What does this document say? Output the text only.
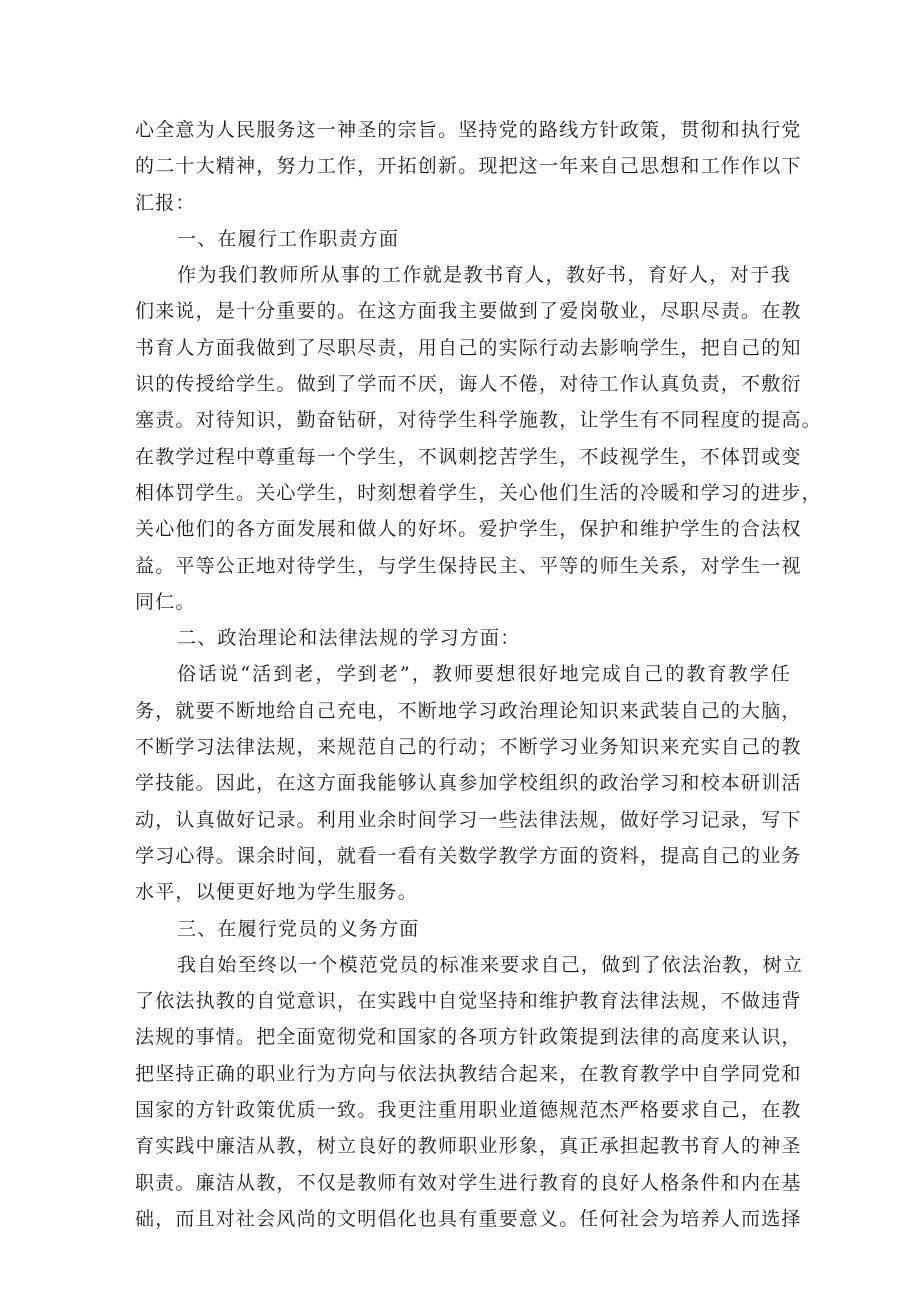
心全意为人民服务这一神圣的宗旨。坚持党的路线方针政策，贯彻和执行党
的二十大精神，努力工作，开拓创新。现把这一年来自己思想和工作作以下
汇报：
一、在履行工作职责方面
作为我们教师所从事的工作就是教书育人，教好书，育好人，对于我
们来说，是十分重要的。在这方面我主要做到了爱岗敬业，尽职尽责。在教
书育人方面我做到了尽职尽责，用自己的实际行动去影响学生，把自己的知
识的传授给学生。做到了学而不厌，诲人不倦，对待工作认真负责，不敷衍
塞责。对待知识，勤奋钻研，对待学生科学施教，让学生有不同程度的提高。
在教学过程中尊重每一个学生，不讽刺挖苦学生，不歧视学生，不体罚或变
相体罚学生。关心学生，时刻想着学生，关心他们生活的冷暖和学习的进步，
关心他们的各方面发展和做人的好坏。爱护学生，保护和维护学生的合法权
益。平等公正地对待学生，与学生保持民主、平等的师生关系，对学生一视
同仁。
二、政治理论和法律法规的学习方面：
俗话说“活到老，学到老”，教师要想很好地完成自己的教育教学任
务，就要不断地给自己充电，不断地学习政治理论知识来武装自己的大脑，
不断学习法律法规，来规范自己的行动；不断学习业务知识来充实自己的教
学技能。因此，在这方面我能够认真参加学校组织的政治学习和校本研训活
动，认真做好记录。利用业余时间学习一些法律法规，做好学习记录，写下
学习心得。课余时间，就看一看有关数学教学方面的资料，提高自己的业务
水平，以便更好地为学生服务。
三、在履行党员的义务方面
我自始至终以一个模范党员的标准来要求自己，做到了依法治教，树立
了依法执教的自觉意识，在实践中自觉坚持和维护教育法律法规，不做违背
法规的事情。把全面宽彻党和国家的各项方针政策提到法律的高度来认识，
把坚持正确的职业行为方向与依法执教结合起来，在教育教学中自学同党和
国家的方针政策优质一致。我更注重用职业道德规范杰严格要求自己，在教
育实践中廉洁从教，树立良好的教师职业形象，真正承担起教书育人的神圣
职责。廉洁从教，不仅是教师有效对学生进行教育的良好人格条件和内在基
础，而且对社会风尚的文明倡化也具有重要意义。任何社会为培养人而选择
